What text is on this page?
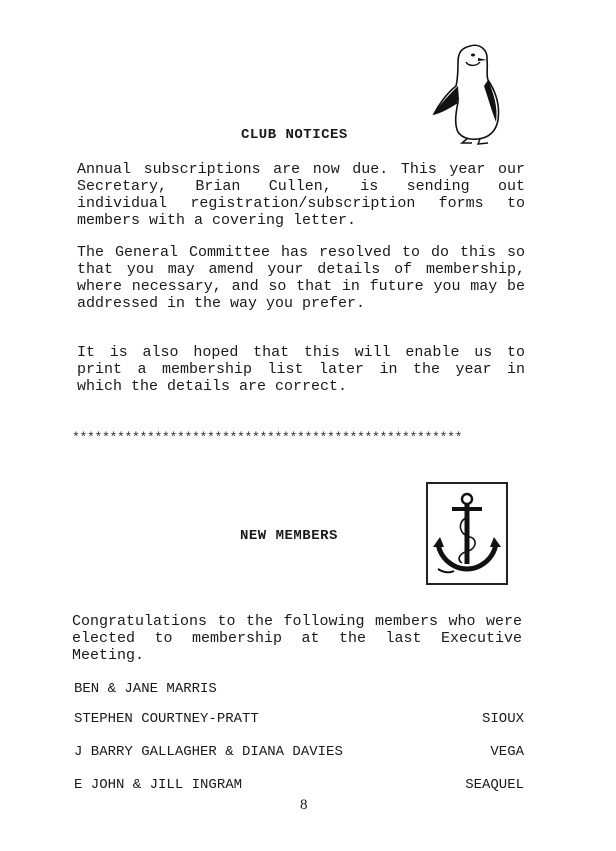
CLUB NOTICES

Annual subscriptions are now due. This year our Secretary, Brian Cullen, is sending out individual registration/subscription forms to members with a covering letter.

The General Committee has resolved to do this so that you may amend your details of membership, where necessary, and so that in future you may be addressed in the way you prefer.

It is also hoped that this will enable us to print a membership list later in the year in which the details are correct.

****************************************************
NEW MEMBERS

Congratulations to the following members who were elected to membership at the last Executive Meeting.

BEN & JANE MARRIS
STEPHEN COURTNEY-PRATT	SIOUX
J BARRY GALLAGHER & DIANA DAVIES	VEGA
E JOHN & JILL INGRAM	SEAQUEL
8
